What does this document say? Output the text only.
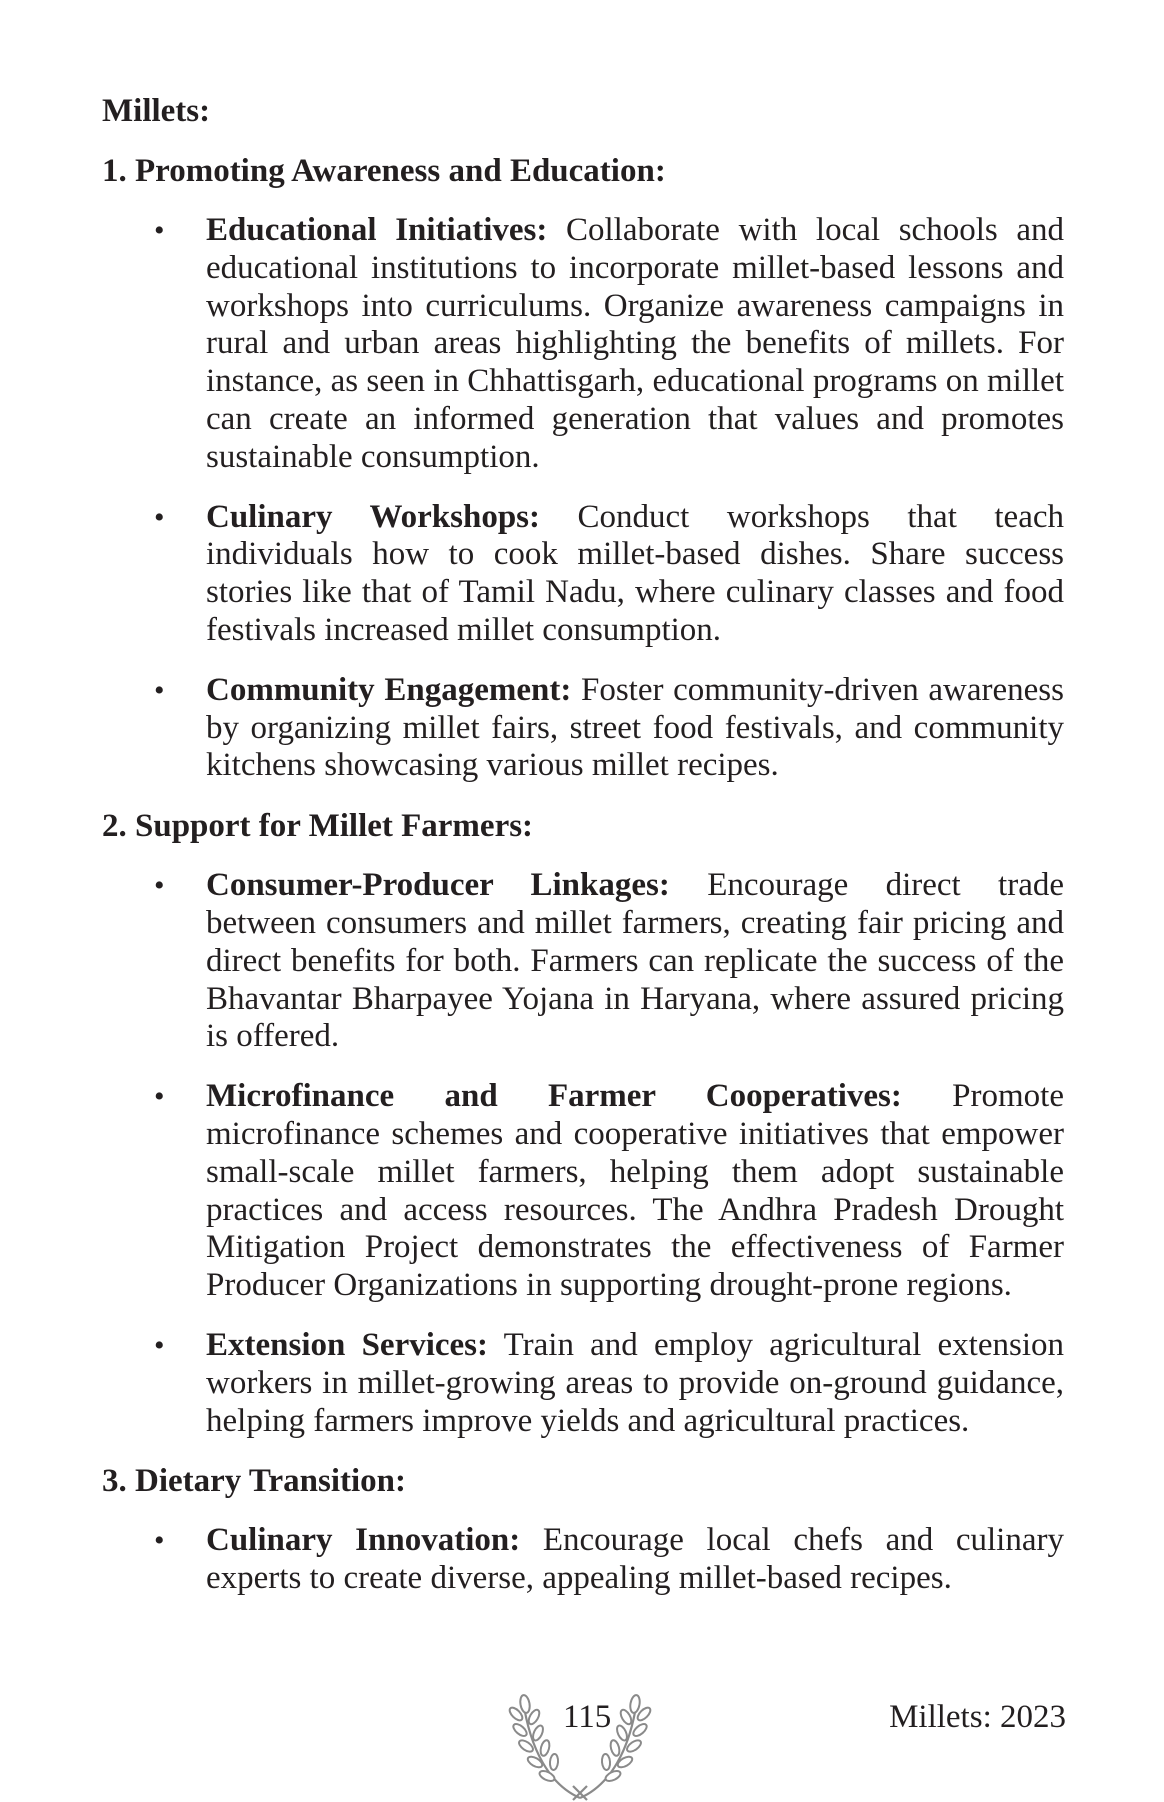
Millets:
1. Promoting Awareness and Education:
• Educational Initiatives: Collaborate with local schools and educational institutions to incorporate millet-based lessons and workshops into curriculums. Organize awareness campaigns in rural and urban areas highlighting the benefits of millets. For instance, as seen in Chhattisgarh, educational programs on millet can create an informed generation that values and promotes sustainable consumption.
• Culinary Workshops: Conduct workshops that teach individuals how to cook millet-based dishes. Share success stories like that of Tamil Nadu, where culinary classes and food festivals increased millet consumption.
• Community Engagement: Foster community-driven awareness by organizing millet fairs, street food festivals, and community kitchens showcasing various millet recipes.
2. Support for Millet Farmers:
• Consumer-Producer Linkages: Encourage direct trade between consumers and millet farmers, creating fair pricing and direct benefits for both. Farmers can replicate the success of the Bhavantar Bharpayee Yojana in Haryana, where assured pricing is offered.
• Microfinance and Farmer Cooperatives: Promote microfinance schemes and cooperative initiatives that empower small-scale millet farmers, helping them adopt sustainable practices and access resources. The Andhra Pradesh Drought Mitigation Project demonstrates the effectiveness of Farmer Producer Organizations in supporting drought-prone regions.
• Extension Services: Train and employ agricultural extension workers in millet-growing areas to provide on-ground guidance, helping farmers improve yields and agricultural practices.
3. Dietary Transition:
• Culinary Innovation: Encourage local chefs and culinary experts to create diverse, appealing millet-based recipes.
115	Millets: 2023
